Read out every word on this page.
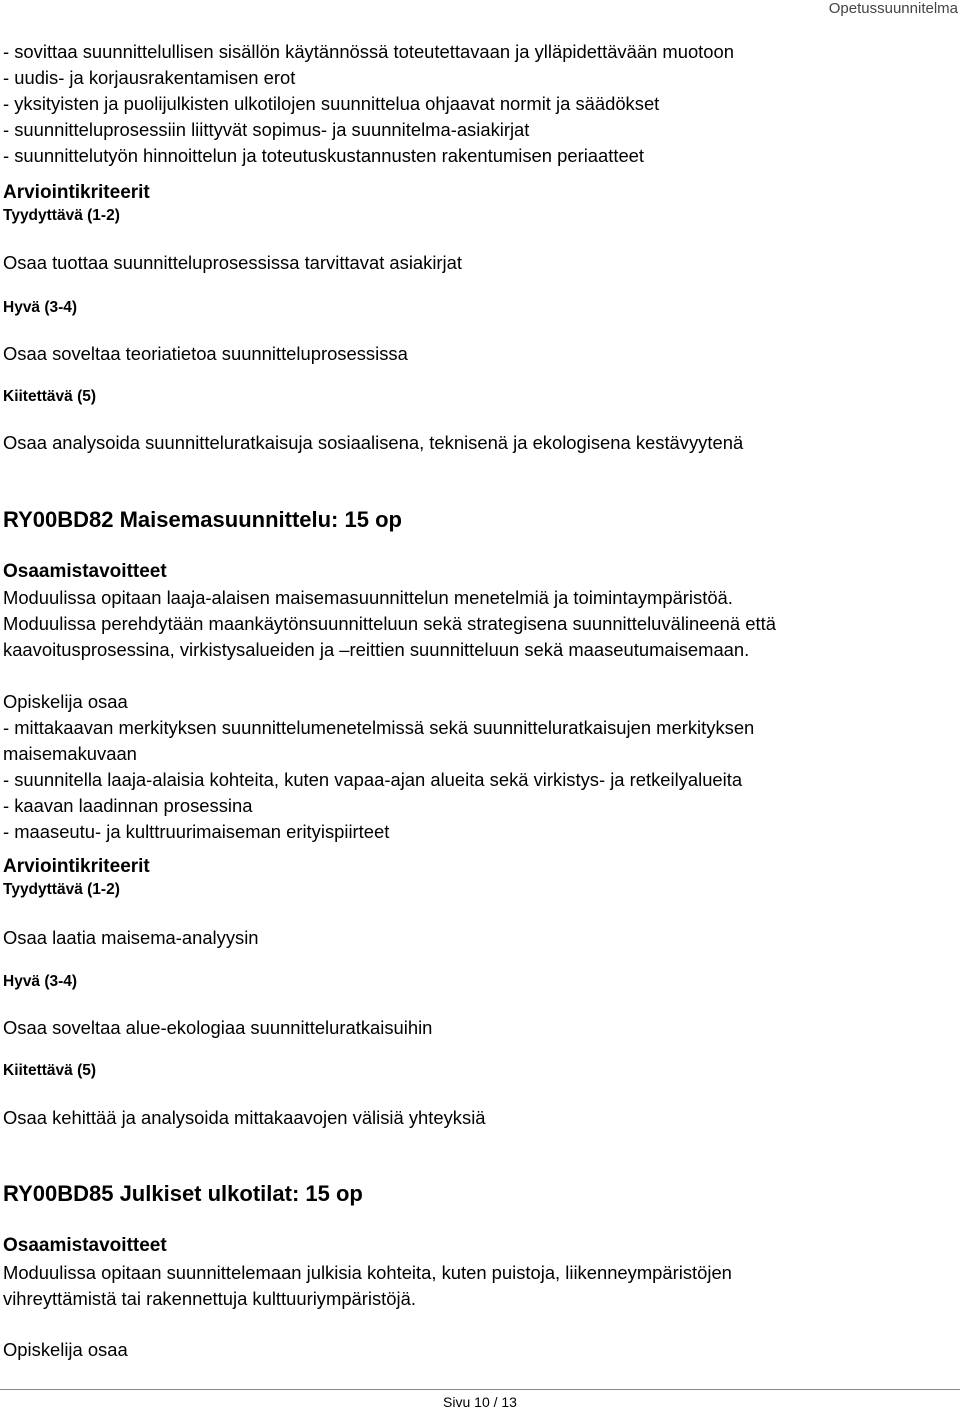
Opetussuunnitelma
- sovittaa suunnittelullisen sisällön käytännössä toteutettavaan ja ylläpidettävään muotoon
- uudis- ja korjausrakentamisen erot
- yksityisten ja puolijulkisten ulkotilojen suunnittelua ohjaavat normit ja säädökset
- suunnitteluprosessiin liittyvät sopimus- ja suunnitelma-asiakirjat
- suunnittelutyön hinnoittelun ja toteutuskustannusten rakentumisen periaatteet
Arviointikriteerit
Tyydyttävä (1-2)
Osaa tuottaa suunnitteluprosessissa tarvittavat asiakirjat
Hyvä (3-4)
Osaa soveltaa teoriatietoa suunnitteluprosessissa
Kiitettävä (5)
Osaa analysoida suunnitteluratkaisuja sosiaalisena, teknisenä ja ekologisena kestävyytenä
RY00BD82 Maisemasuunnittelu: 15 op
Osaamistavoitteet
Moduulissa opitaan laaja-alaisen maisemasuunnittelun menetelmiä ja toimintaympäristöä.
Moduulissa perehdytään maankäytönsuunnitteluun sekä strategisena suunnitteluvälineenä että
kaavoitusprosessina, virkistysalueiden ja –reittien suunnitteluun sekä maaseutumaisemaan.
Opiskelija osaa
- mittakaavan merkityksen suunnittelumenetelmissä sekä suunnitteluratkaisujen merkityksen
maisemakuvaan
- suunnitella laaja-alaisia kohteita, kuten vapaa-ajan alueita sekä virkistys- ja retkeilyalueita
- kaavan laadinnan prosessina
- maaseutu- ja kulttruurimaiseman erityispiirteet
Arviointikriteerit
Tyydyttävä (1-2)
Osaa laatia maisema-analyysin
Hyvä (3-4)
Osaa soveltaa alue-ekologiaa suunnitteluratkaisuihin
Kiitettävä (5)
Osaa kehittää ja analysoida mittakaavojen välisiä yhteyksiä
RY00BD85 Julkiset ulkotilat: 15 op
Osaamistavoitteet
Moduulissa opitaan suunnittelemaan julkisia kohteita, kuten puistoja, liikenneympäristöjen
vihreyttämistä tai rakennettuja kulttuuriympäristöjä.
Opiskelija osaa
Sivu 10 / 13
